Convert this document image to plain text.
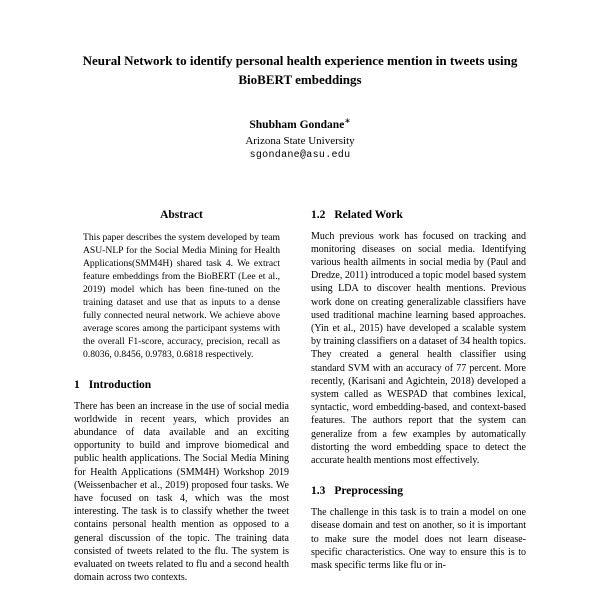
Neural Network to identify personal health experience mention in tweets using BioBERT embeddings
Shubham Gondane∗
Arizona State University
sgondane@asu.edu
Abstract

This paper describes the system developed by team ASU-NLP for the Social Media Mining for Health Applications(SMM4H) shared task 4. We extract feature embeddings from the BioBERT (Lee et al., 2019) model which has been fine-tuned on the training dataset and use that as inputs to a dense fully connected neural network. We achieve above average scores among the participant systems with the overall F1-score, accuracy, precision, recall as 0.8036, 0.8456, 0.9783, 0.6818 respectively.

1 Introduction

There has been an increase in the use of social media worldwide in recent years, which provides an abundance of data available and an exciting opportunity to build and improve biomedical and public health applications. The Social Media Mining for Health Applications (SMM4H) Workshop 2019 (Weissenbacher et al., 2019) proposed four tasks. We have focused on task 4, which was the most interesting. The task is to classify whether the tweet contains personal health mention as opposed to a general discussion of the topic. The training data consisted of tweets related to the flu. The system is evaluated on tweets related to flu and a second health domain across two contexts.

1.2 Related Work

Much previous work has focused on tracking and monitoring diseases on social media. Identifying various health ailments in social media by (Paul and Dredze, 2011) introduced a topic model based system using LDA to discover health mentions. Previous work done on creating generalizable classifiers have used traditional machine learning based approaches. (Yin et al., 2015) have developed a scalable system by training classifiers on a dataset of 34 health topics. They created a general health classifier using standard SVM with an accuracy of 77 percent. More recently, (Karisani and Agichtein, 2018) developed a system called as WESPAD that combines lexical, syntactic, word embedding-based, and context-based features. The authors report that the system can generalize from a few examples by automatically distorting the word embedding space to detect the accurate health mentions most effectively.

1.3 Preprocessing

The challenge in this task is to train a model on one disease domain and test on another, so it is important to make sure the model does not learn disease-specific characteristics. One way to ensure this is to mask specific terms like flu or in-
